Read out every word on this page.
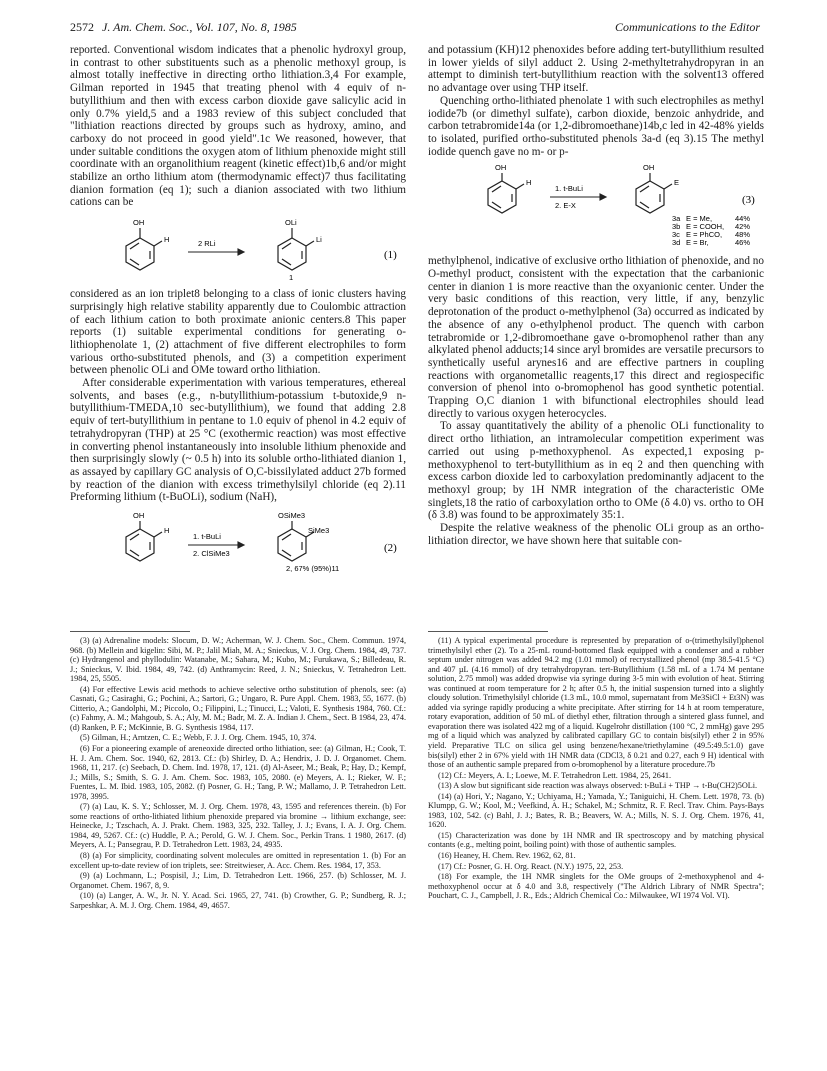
2572 J. Am. Chem. Soc., Vol. 107, No. 8, 1985	Communications to the Editor

reported. Conventional wisdom indicates that a phenolic hydroxyl group, in contrast to other substituents such as a phenolic methoxyl group, is almost totally ineffective in directing ortho lithiation.3,4 For example, Gilman reported in 1945 that treating phenol with 4 equiv of n-butyllithium and then with excess carbon dioxide gave salicylic acid in only 0.7% yield,5 and a 1983 review of this subject concluded that "lithiation reactions directed by groups such as hydroxy, amino, and carboxy do not proceed in good yield".1c We reasoned, however, that under suitable conditions the oxygen atom of lithium phenoxide might still coordinate with an organolithium reagent (kinetic effect)1b,6 and/or might stabilize an ortho lithium atom (thermodynamic effect)7 thus facilitating dianion formation (eq 1); such a dianion associated with two lithium cations can be

OH
H	2 RLi
OLi
Li
1
(1)

considered as an ion triplet8 belonging to a class of ionic clusters having surprisingly high relative stability apparently due to Coulombic attraction of each lithium cation to both proximate anionic centers.8 This paper reports (1) suitable experimental conditions for generating o-lithiophenolate 1, (2) attachment of five different electrophiles to form various ortho-substituted phenols, and (3) a competition experiment between phenolic OLi and OMe toward ortho lithiation.

After considerable experimentation with various temperatures, ethereal solvents, and bases (e.g., n-butyllithium-potassium t-butoxide,9 n-butyllithium-TMEDA,10 sec-butyllithium), we found that adding 2.8 equiv of tert-butyllithium in pentane to 1.0 equiv of phenol in 4.2 equiv of tetrahydropyran (THP) at 25 °C (exothermic reaction) was most effective in converting phenol instantaneously into insoluble lithium phenoxide and then surprisingly slowly (~ 0.5 h) into its soluble ortho-lithiated dianion 1, as assayed by capillary GC analysis of O,C-bissilylated adduct 27b formed by reaction of the dianion with excess trimethylsilyl chloride (eq 2).11 Preforming lithium (t-BuOLi), sodium (NaH),

OH
H
1. t-BuLi
2. ClSiMe3
OSiMe3
SiMe3
2, 67% (95%)11
(2)

and potassium (KH)12 phenoxides before adding tert-butyllithium resulted in lower yields of silyl adduct 2. Using 2-methyltetrahydropyran in an attempt to diminish tert-butyllithium reaction with the solvent13 offered no advantage over using THP itself.

Quenching ortho-lithiated phenolate 1 with such electrophiles as methyl iodide7b (or dimethyl sulfate), carbon dioxide, benzoic anhydride, and carbon tetrabromide14a (or 1,2-dibromoethane)14b,c led in 42-48% yields to isolated, purified ortho-substituted phenols 3a-d (eq 3).15 The methyl iodide quench gave no m- or p-

OH
H
1. t-BuLi
2. E-X
OH
E
(3)
3a E = Me,	44%
3b E = COOH, 42%
3c E = PhCO, 48%
3d E = Br,	46%

methylphenol, indicative of exclusive ortho lithiation of phenoxide, and no O-methyl product, consistent with the expectation that the carbanionic center in dianion 1 is more reactive than the oxyanionic center. Under the very basic conditions of this reaction, very little, if any, benzylic deprotonation of the product o-methylphenol (3a) occurred as indicated by the absence of any o-ethylphenol product. The quench with carbon tetrabromide or 1,2-dibromoethane gave o-bromophenol rather than any alkylated phenol adducts;14 since aryl bromides are versatile precursors to synthetically useful arynes16 and are effective partners in coupling reactions with organometallic reagents,17 this direct and regiospecific conversion of phenol into o-bromophenol has good synthetic potential. Trapping O,C dianion 1 with bifunctional electrophiles should lead directly to various oxygen heterocycles.

To assay quantitatively the ability of a phenolic OLi functionality to direct ortho lithiation, an intramolecular competition experiment was carried out using p-methoxyphenol. As expected,1 exposing p-methoxyphenol to tert-butyllithium as in eq 2 and then quenching with excess carbon dioxide led to carboxylation predominantly adjacent to the methoxyl group; by 1H NMR integration of the characteristic OMe singlets,18 the ratio of carboxylation ortho to OMe (δ 4.0) vs. ortho to OH (δ 3.8) was found to be approximately 35:1.

Despite the relative weakness of the phenolic OLi group as an ortho-lithiation director, we have shown here that suitable con-

(3) (a) Adrenaline models: Slocum, D. W.; Acherman, W. J. Chem. Soc., Chem. Commun. 1974, 968. (b) Mellein and kigelin: Sibi, M. P.; Jalil Miah, M. A.; Snieckus, V. J. Org. Chem. 1984, 49, 737. (c) Hydrangenol and phyllodulin: Watanabe, M.; Sahara, M.; Kubo, M.; Furukawa, S.; Billedeau, R. J.; Snieckus, V. Ibid. 1984, 49, 742. (d) Anthramycin: Reed, J. N.; Snieckus, V. Tetrahedron Lett. 1984, 25, 5505.

(4) For effective Lewis acid methods to achieve selective ortho substitution of phenols, see: (a) Casnati, G.; Casiraghi, G.; Pochini, A.; Sartori, G.; Ungaro, R. Pure Appl. Chem. 1983, 55, 1677. (b) Citterio, A.; Gandolphi, M.; Piccolo, O.; Filippini, L.; Tinucci, L.; Valoti, E. Synthesis 1984, 760. Cf.: (c) Fahmy, A. M.; Mahgoub, S. A.; Aly, M. M.; Badr, M. Z. A. Indian J. Chem., Sect. B 1984, 23, 474. (d) Ranken, P. F.; McKinnie, B. G. Synthesis 1984, 117.

(5) Gilman, H.; Arntzen, C. E.; Webb, F. J. J. Org. Chem. 1945, 10, 374.

(6) For a pioneering example of areneoxide directed ortho lithiation, see: (a) Gilman, H.; Cook, T. H. J. Am. Chem. Soc. 1940, 62, 2813. Cf.: (b) Shirley, D. A.; Hendrix, J. D. J. Organomet. Chem. 1968, 11, 217. (c) Seebach, D. Chem. Ind. 1978, 17, 121. (d) Al-Aseer, M.; Beak, P.; Hay, D.; Kempf, J.; Mills, S.; Smith, S. G. J. Am. Chem. Soc. 1983, 105, 2080. (e) Meyers, A. I.; Rieker, W. F.; Fuentes, L. M. Ibid. 1983, 105, 2082. (f) Posner, G. H.; Tang, P. W.; Mallamo, J. P. Tetrahedron Lett. 1978, 3995.

(7) (a) Lau, K. S. Y.; Schlosser, M. J. Org. Chem. 1978, 43, 1595 and references therein. (b) For some reactions of ortho-lithiated lithium phenoxide prepared via bromine → lithium exchange, see: Heinecke, J.; Tzschach, A. J. Prakt. Chem. 1983, 325, 232. Talley, J. J.; Evans, I. A. J. Org. Chem. 1984, 49, 5267. Cf.: (c) Huddle, P. A.; Perold, G. W. J. Chem. Soc., Perkin Trans. 1 1980, 2617. (d) Meyers, A. I.; Pansegrau, P. D. Tetrahedron Lett. 1983, 24, 4935.

(8) (a) For simplicity, coordinating solvent molecules are omitted in representation 1. (b) For an excellent up-to-date review of ion triplets, see: Streitwieser, A. Acc. Chem. Res. 1984, 17, 353.

(9) (a) Lochmann, L.; Pospisil, J.; Lim, D. Tetrahedron Lett. 1966, 257. (b) Schlosser, M. J. Organomet. Chem. 1967, 8, 9.

(10) (a) Langer, A. W., Jr. N. Y. Acad. Sci. 1965, 27, 741. (b) Crowther, G. P.; Sundberg, R. J.; Sarpeshkar, A. M. J. Org. Chem. 1984, 49, 4657.

(11) A typical experimental procedure is represented by preparation of o-(trimethylsilyl)phenol trimethylsilyl ether (2). To a 25-mL round-bottomed flask equipped with a condenser and a rubber septum under nitrogen was added 94.2 mg (1.01 mmol) of recrystallized phenol (mp 38.5-41.5 °C) and 407 µL (4.16 mmol) of dry tetrahydropyran. tert-Butyllithium (1.58 mL of a 1.74 M pentane solution, 2.75 mmol) was added dropwise via syringe during 3-5 min with evolution of heat. Stirring was continued at room temperature for 2 h; after 0.5 h, the initial suspension turned into a slightly cloudy solution. Trimethylsilyl chloride (1.3 mL, 10.0 mmol, supernatant from Me3SiCl + Et3N) was added via syringe rapidly producing a white precipitate. After stirring for 14 h at room temperature, rotary evaporation, addition of 50 mL of diethyl ether, filtration through a sintered glass funnel, and evaporation there was isolated 422 mg of a liquid. Kugelrohr distillation (100 °C, 2 mmHg) gave 295 mg of a liquid which was analyzed by calibrated capillary GC to contain bis(silyl) ether 2 in 95% yield. Preparative TLC on silica gel using benzene/hexane/triethylamine (49.5:49.5:1.0) gave bis(silyl) ether 2 in 67% yield with 1H NMR data (CDCl3, δ 0.21 and 0.27, each 9 H) identical with those of an authentic sample prepared from o-bromophenol by a literature procedure.7b

(12) Cf.: Meyers, A. I.; Loewe, M. F. Tetrahedron Lett. 1984, 25, 2641.

(13) A slow but significant side reaction was always observed: t-BuLi + THP → t-Bu(CH2)5OLi.

(14) (a) Hori, Y.; Nagano, Y.; Uchiyama, H.; Yamada, Y.; Taniguichi, H. Chem. Lett. 1978, 73. (b) Klumpp, G. W.; Kool, M.; Veefkind, A. H.; Schakel, M.; Schmitz, R. F. Recl. Trav. Chim. Pays-Bays 1983, 102, 542. (c) Bahl, J. J.; Bates, R. B.; Beavers, W. A.; Mills, N. S. J. Org. Chem. 1976, 41, 1620.

(15) Characterization was done by 1H NMR and IR spectroscopy and by matching physical contants (e.g., melting point, boiling point) with those of authentic samples.

(16) Heaney, H. Chem. Rev. 1962, 62, 81.

(17) Cf.: Posner, G. H. Org. React. (N.Y.) 1975, 22, 253.

(18) For example, the 1H NMR singlets for the OMe groups of 2-methoxyphenol and 4-methoxyphenol occur at δ 4.0 and 3.8, respectively ("The Aldrich Library of NMR Spectra"; Pouchart, C. J., Campbell, J. R., Eds.; Aldrich Chemical Co.: Milwaukee, WI 1974 Vol. VI).
